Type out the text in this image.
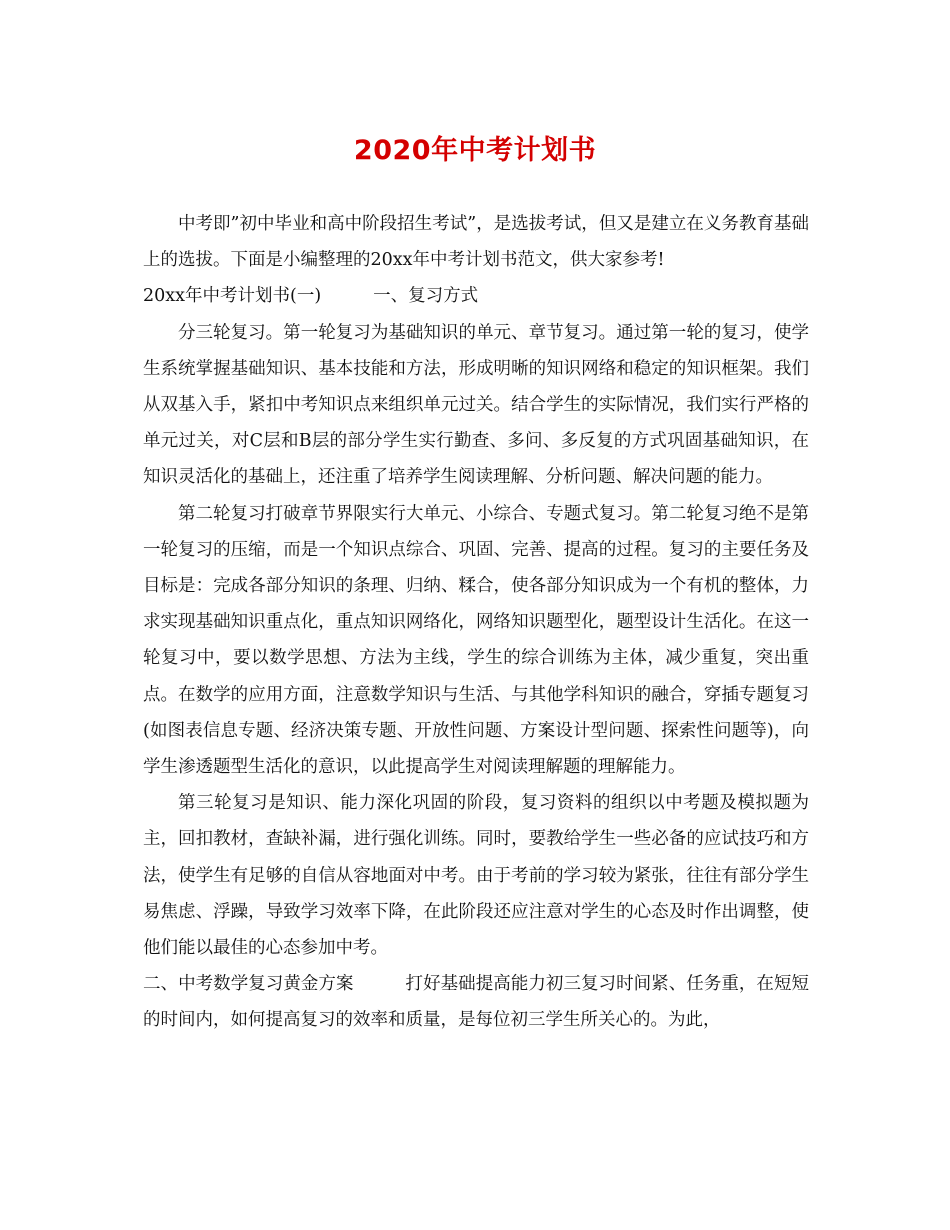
2020年中考计划书

中考即”初中毕业和高中阶段招生考试”，是选拔考试，但又是建立在义务教育基础上的选拔。下面是小编整理的20xx年中考计划书范文，供大家参考!

20xx年中考计划书(一)	一、复习方式

分三轮复习。第一轮复习为基础知识的单元、章节复习。通过第一轮的复习，使学生系统掌握基础知识、基本技能和方法，形成明晰的知识网络和稳定的知识框架。我们从双基入手，紧扣中考知识点来组织单元过关。结合学生的实际情况，我们实行严格的单元过关，对C层和B层的部分学生实行勤查、多问、多反复的方式巩固基础知识，在知识灵活化的基础上，还注重了培养学生阅读理解、分析问题、解决问题的能力。

第二轮复习打破章节界限实行大单元、小综合、专题式复习。第二轮复习绝不是第一轮复习的压缩，而是一个知识点综合、巩固、完善、提高的过程。复习的主要任务及目标是：完成各部分知识的条理、归纳、糅合，使各部分知识成为一个有机的整体，力求实现基础知识重点化，重点知识网络化，网络知识题型化，题型设计生活化。在这一轮复习中，要以数学思想、方法为主线，学生的综合训练为主体，减少重复，突出重点。在数学的应用方面，注意数学知识与生活、与其他学科知识的融合，穿插专题复习(如图表信息专题、经济决策专题、开放性问题、方案设计型问题、探索性问题等)，向学生渗透题型生活化的意识，以此提高学生对阅读理解题的理解能力。

第三轮复习是知识、能力深化巩固的阶段，复习资料的组织以中考题及模拟题为主，回扣教材，查缺补漏，进行强化训练。同时，要教给学生一些必备的应试技巧和方法，使学生有足够的自信从容地面对中考。由于考前的学习较为紧张，往往有部分学生易焦虑、浮躁，导致学习效率下降，在此阶段还应注意对学生的心态及时作出调整，使他们能以最佳的心态参加中考。

二、中考数学复习黄金方案	打好基础提高能力初三复习时间紧、任务重，在短短的时间内，如何提高复习的效率和质量，是每位初三学生所关心的。为此，
